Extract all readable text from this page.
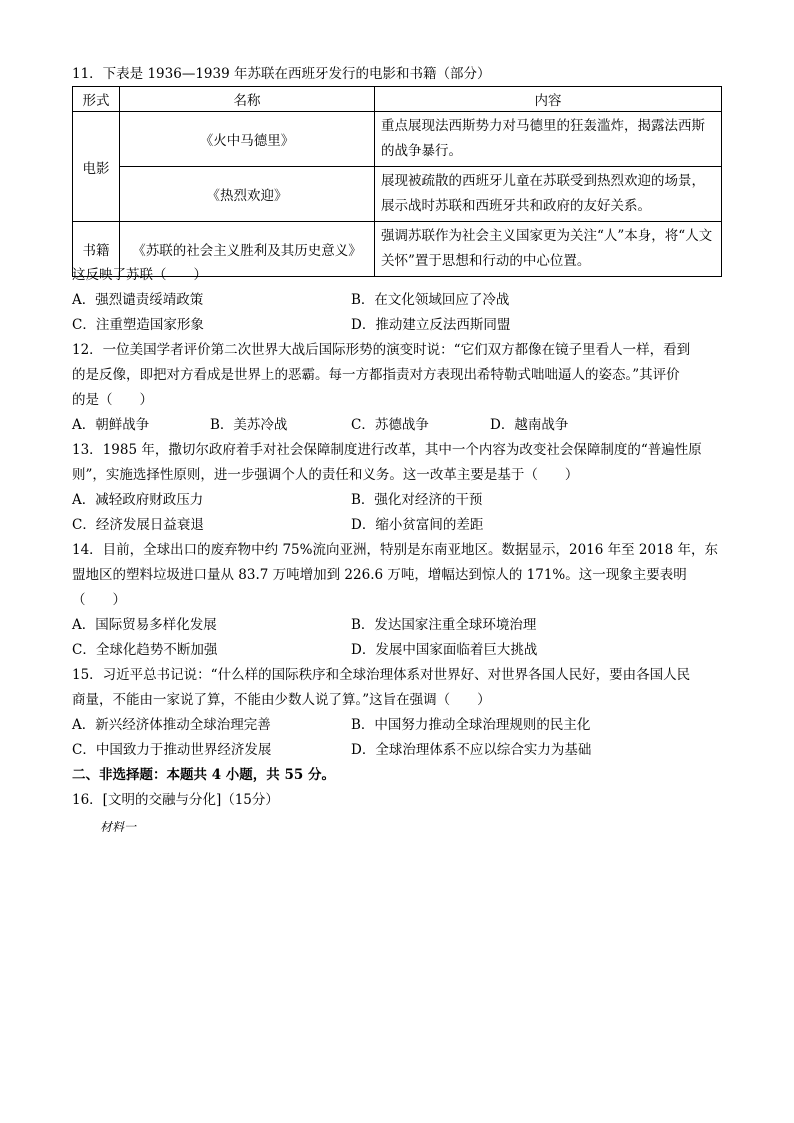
11．下表是 1936—1939 年苏联在西班牙发行的电影和书籍（部分）
形式	名称	内容
电影	《火中马德里》	重点展现法西斯势力对马德里的狂轰滥炸，揭露法西斯的战争暴行。
	《热烈欢迎》	展现被疏散的西班牙儿童在苏联受到热烈欢迎的场景，展示战时苏联和西班牙共和政府的友好关系。
书籍	《苏联的社会主义胜利及其历史意义》	强调苏联作为社会主义国家更为关注“人”本身，将“人文关怀”置于思想和行动的中心位置。
这反映了苏联（　　）
A．强烈谴责绥靖政策	B．在文化领域回应了冷战
C．注重塑造国家形象	D．推动建立反法西斯同盟
12．一位美国学者评价第二次世界大战后国际形势的演变时说：“它们双方都像在镜子里看人一样，看到
的是反像，即把对方看成是世界上的恶霸。每一方都指责对方表现出希特勒式咄咄逼人的姿态。”其评价
的是（　　）
A．朝鲜战争	B．美苏冷战	C．苏德战争	D．越南战争
13．1985 年，撒切尔政府着手对社会保障制度进行改革，其中一个内容为改变社会保障制度的“普遍性原
则”，实施选择性原则，进一步强调个人的责任和义务。这一改革主要是基于（　　）
A．减轻政府财政压力	B．强化对经济的干预
C．经济发展日益衰退	D．缩小贫富间的差距
14．目前，全球出口的废弃物中约 75%流向亚洲，特别是东南亚地区。数据显示，2016 年至 2018 年，东
盟地区的塑料垃圾进口量从 83.7 万吨增加到 226.6 万吨，增幅达到惊人的 171%。这一现象主要表明
（　　）
A．国际贸易多样化发展	B．发达国家注重全球环境治理
C．全球化趋势不断加强	D．发展中国家面临着巨大挑战
15．习近平总书记说：“什么样的国际秩序和全球治理体系对世界好、对世界各国人民好，要由各国人民
商量，不能由一家说了算，不能由少数人说了算。”这旨在强调（　　）
A．新兴经济体推动全球治理完善	B．中国努力推动全球治理规则的民主化
C．中国致力于推动世界经济发展	D．全球治理体系不应以综合实力为基础
二、非选择题：本题共 4 小题，共 55 分。
16．[文明的交融与分化]（15分）
材料一
